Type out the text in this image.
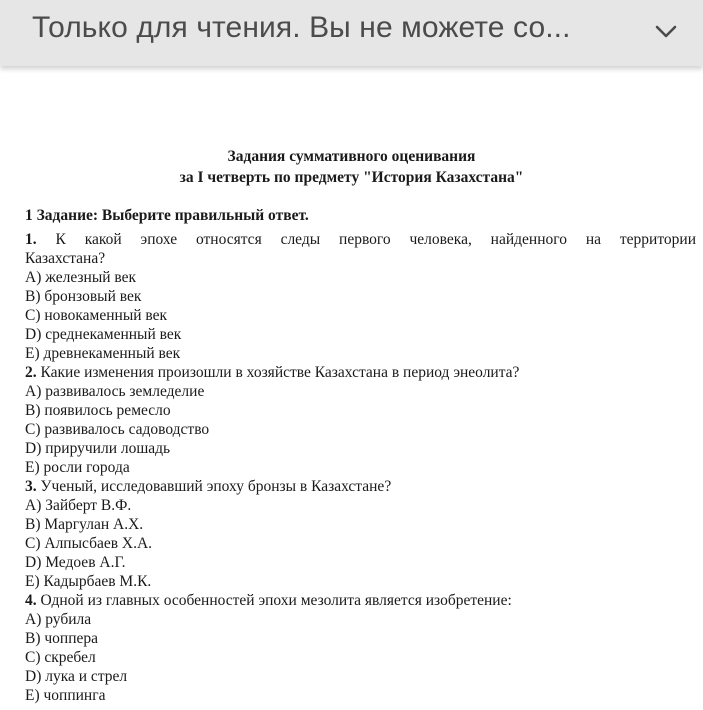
Только для чтения. Вы не можете со...
Задания суммативного оценивания
за I четверть по предмету "История Казахстана"
1 Задание: Выберите правильный ответ.
1. К какой эпохе относятся следы первого человека, найденного на территории
Казахстана?
A) железный век
B) бронзовый век
C) новокаменный век
D) среднекаменный век
E) древнекаменный век
2. Какие изменения произошли в хозяйстве Казахстана в период энеолита?
A) развивалось земледелие
B) появилось ремесло
C) развивалось садоводство
D) приручили лошадь
E) росли города
3. Ученый, исследовавший эпоху бронзы в Казахстане?
A) Зайберт В.Ф.
B) Маргулан А.Х.
C) Алпысбаев Х.А.
D) Медоев А.Г.
E) Кадырбаев М.К.
4. Одной из главных особенностей эпохи мезолита является изобретение:
A) рубила
B) чоппера
C) скребел
D) лука и стрел
E) чоппинга
